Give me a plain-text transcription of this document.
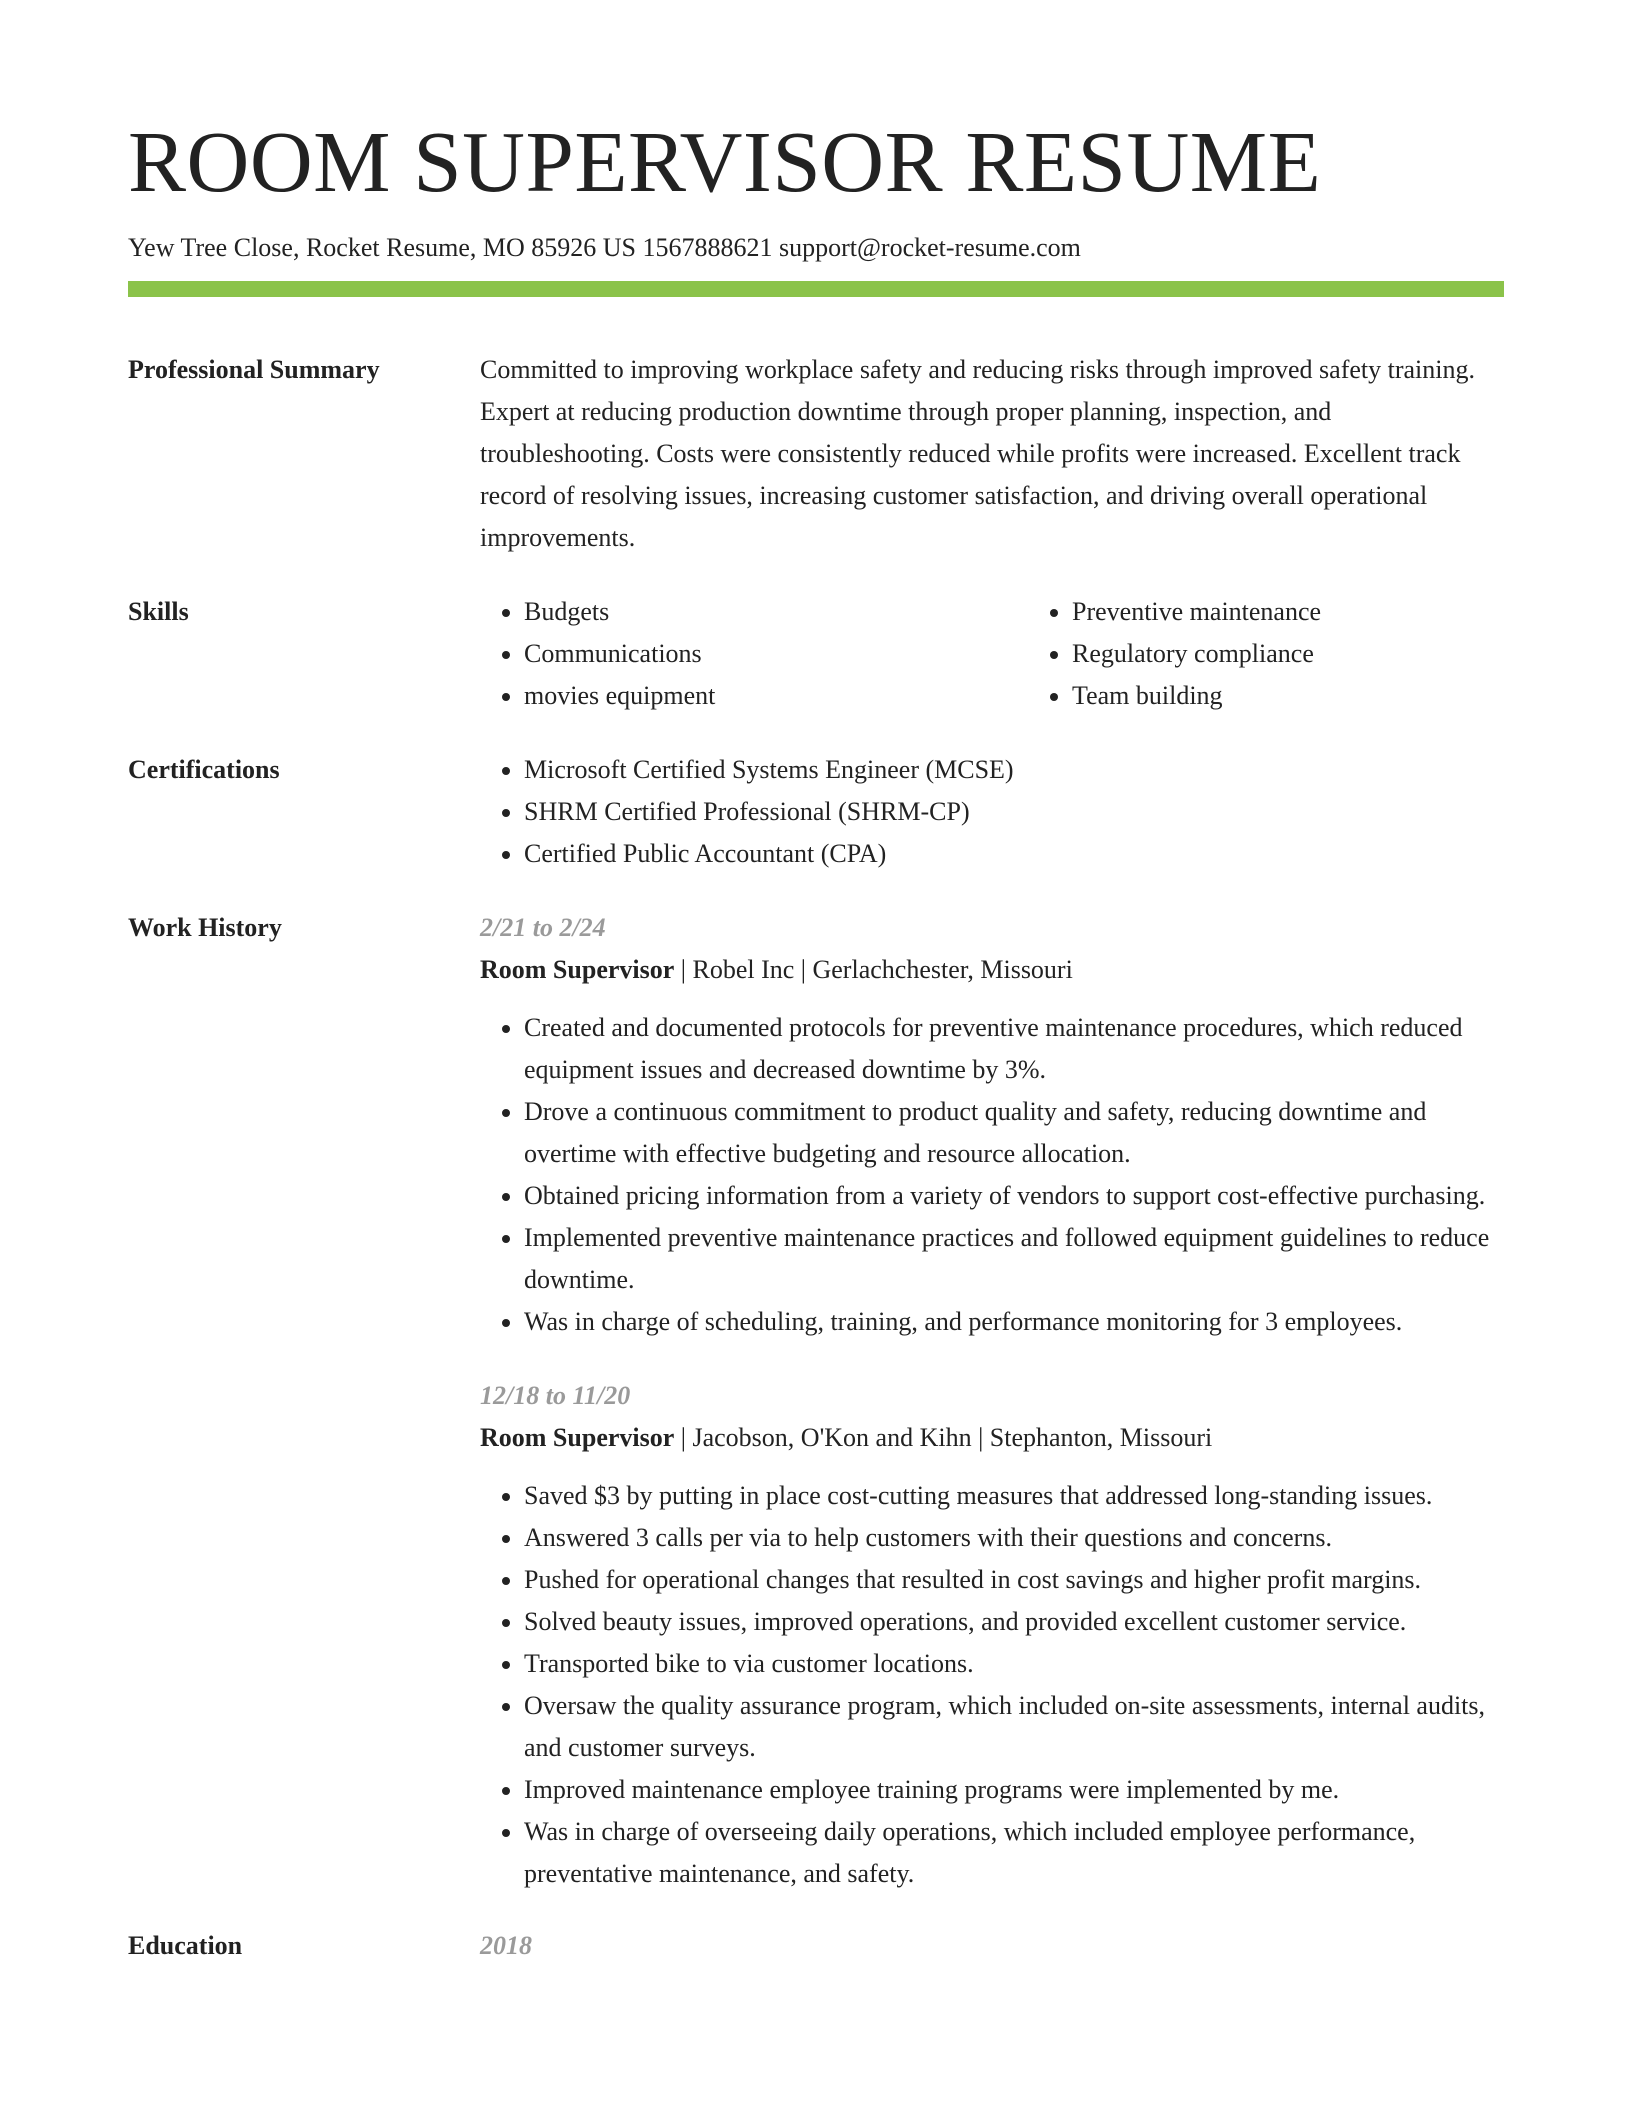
ROOM SUPERVISOR RESUME
Yew Tree Close, Rocket Resume, MO 85926 US 1567888621 support@rocket-resume.com
Professional Summary	Committed to improving workplace safety and reducing risks through improved safety training. Expert at reducing production downtime through proper planning, inspection, and troubleshooting. Costs were consistently reduced while profits were increased. Excellent track record of resolving issues, increasing customer satisfaction, and driving overall operational improvements.

Skills	• Budgets
• Communications
• movies equipment
• Preventive maintenance
• Regulatory compliance
• Team building
Certifications	• Microsoft Certified Systems Engineer (MCSE)
• SHRM Certified Professional (SHRM-CP)
• Certified Public Accountant (CPA)
Work History	2/21 to 2/24
Room Supervisor | Robel Inc | Gerlachchester, Missouri
• Created and documented protocols for preventive maintenance procedures, which reduced equipment issues and decreased downtime by 3%.
• Drove a continuous commitment to product quality and safety, reducing downtime and overtime with effective budgeting and resource allocation.
• Obtained pricing information from a variety of vendors to support cost-effective purchasing.
• Implemented preventive maintenance practices and followed equipment guidelines to reduce downtime.
• Was in charge of scheduling, training, and performance monitoring for 3 employees.
12/18 to 11/20
Room Supervisor | Jacobson, O'Kon and Kihn | Stephanton, Missouri
• Saved $3 by putting in place cost-cutting measures that addressed long-standing issues.
• Answered 3 calls per via to help customers with their questions and concerns.
• Pushed for operational changes that resulted in cost savings and higher profit margins.
• Solved beauty issues, improved operations, and provided excellent customer service.
• Transported bike to via customer locations.
• Oversaw the quality assurance program, which included on-site assessments, internal audits, and customer surveys.
• Improved maintenance employee training programs were implemented by me.
• Was in charge of overseeing daily operations, which included employee performance, preventative maintenance, and safety.
Education	2018
